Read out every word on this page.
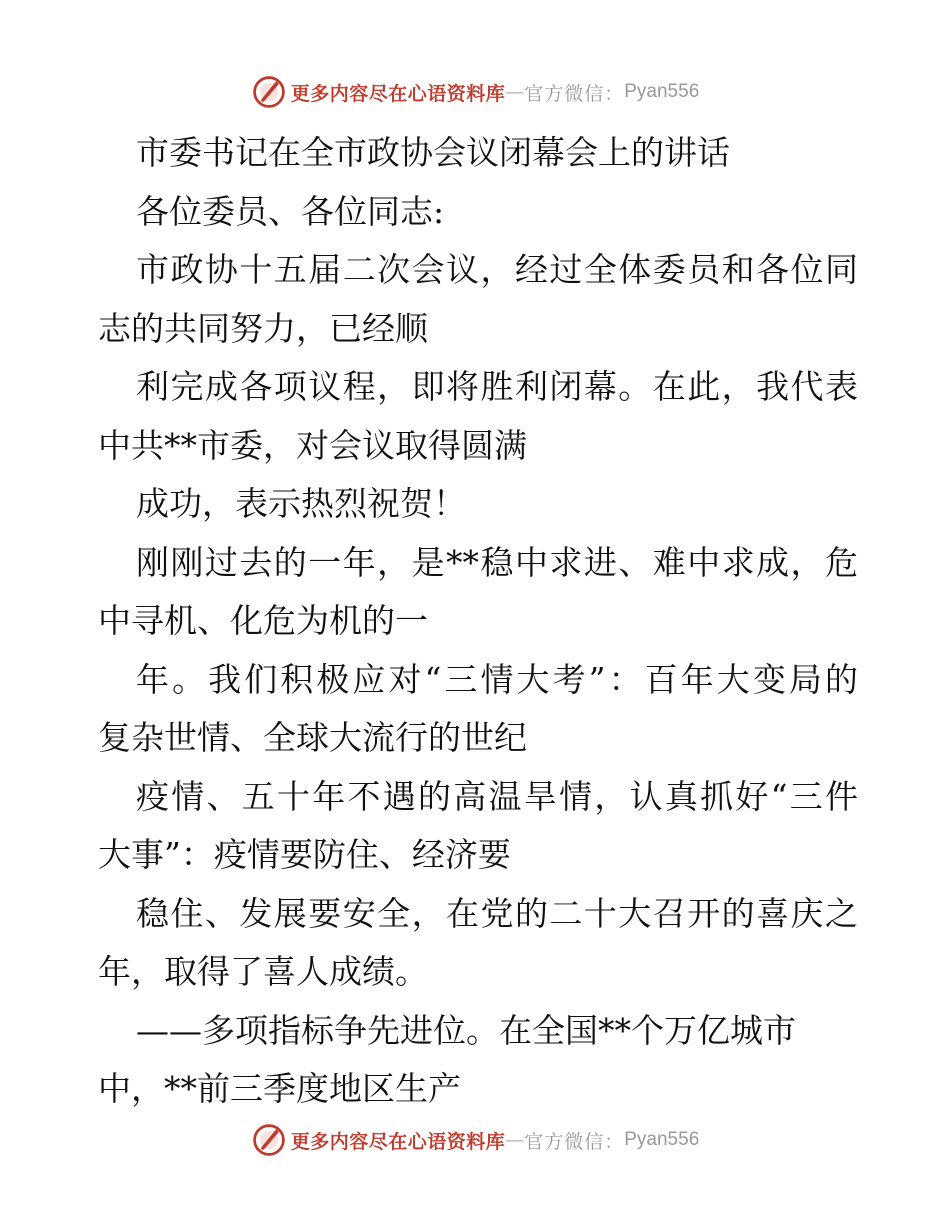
更多内容尽在心语资料库 — 官方微信： Pyan556
市委书记在全市政协会议闭幕会上的讲话
各位委员、各位同志:
市政协十五届二次会议，经过全体委员和各位同
志的共同努力，已经顺
利完成各项议程，即将胜利闭幕。在此，我代表
中共**市委，对会议取得圆满
成功，表示热烈祝贺！
刚刚过去的一年，是**稳中求进、难中求成，危
中寻机、化危为机的一
年。我们积极应对“三情大考”：百年大变局的
复杂世情、全球大流行的世纪
疫情、五十年不遇的高温旱情，认真抓好“三件
大事”：疫情要防住、经济要
稳住、发展要安全，在党的二十大召开的喜庆之
年，取得了喜人成绩。
——多项指标争先进位。在全国**个万亿城市
中，**前三季度地区生产
更多内容尽在心语资料库 — 官方微信： Pyan556
